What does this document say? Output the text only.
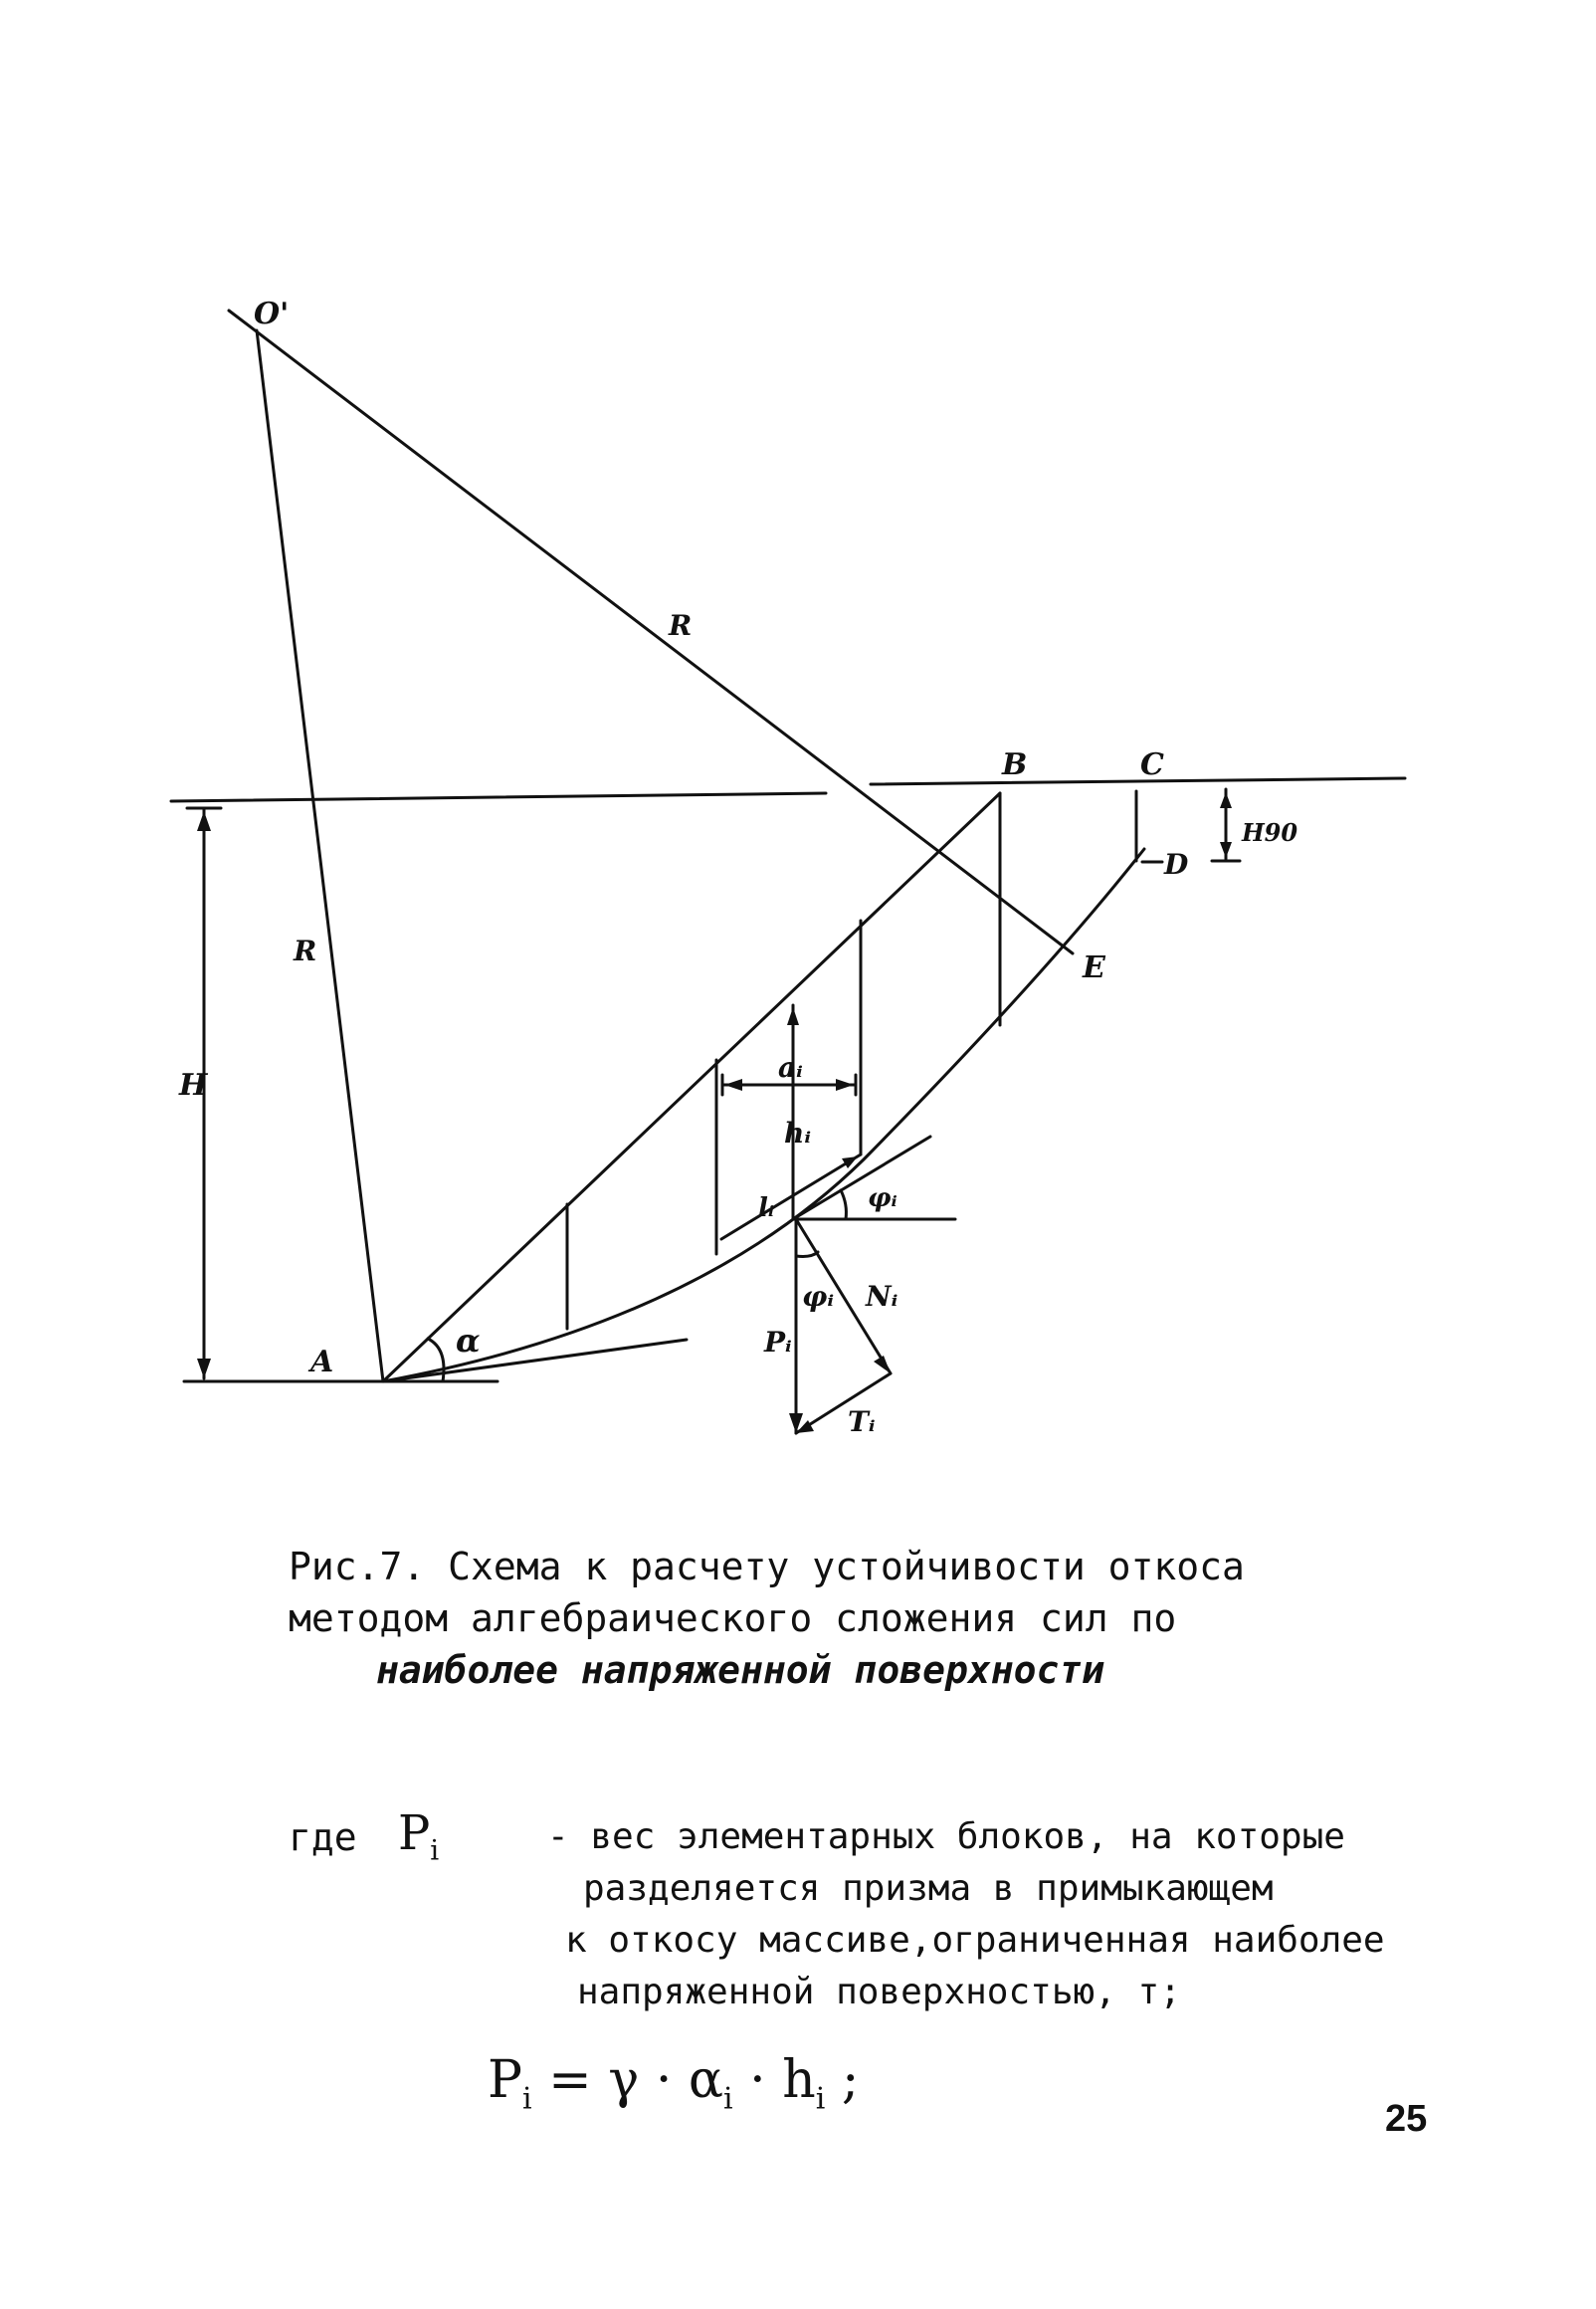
O'
R
R
B	C
D
E
H
H90
A
α
aᵢ
hᵢ
lᵢ	φᵢ
φᵢ Nᵢ
Pᵢ
Tᵢ
Рис.7. Схема к расчету устойчивости откоса
методом алгебраического сложения сил по
наиболее напряженной поверхности
где $P_i$	- вес элементарных блоков, на которые
разделяется призма в примыкающем
к откосу массиве,ограниченная наиболее
напряженной поверхностью, т;
$P_i = \gamma \cdot \alpha_i \cdot h_i$ ;
25
